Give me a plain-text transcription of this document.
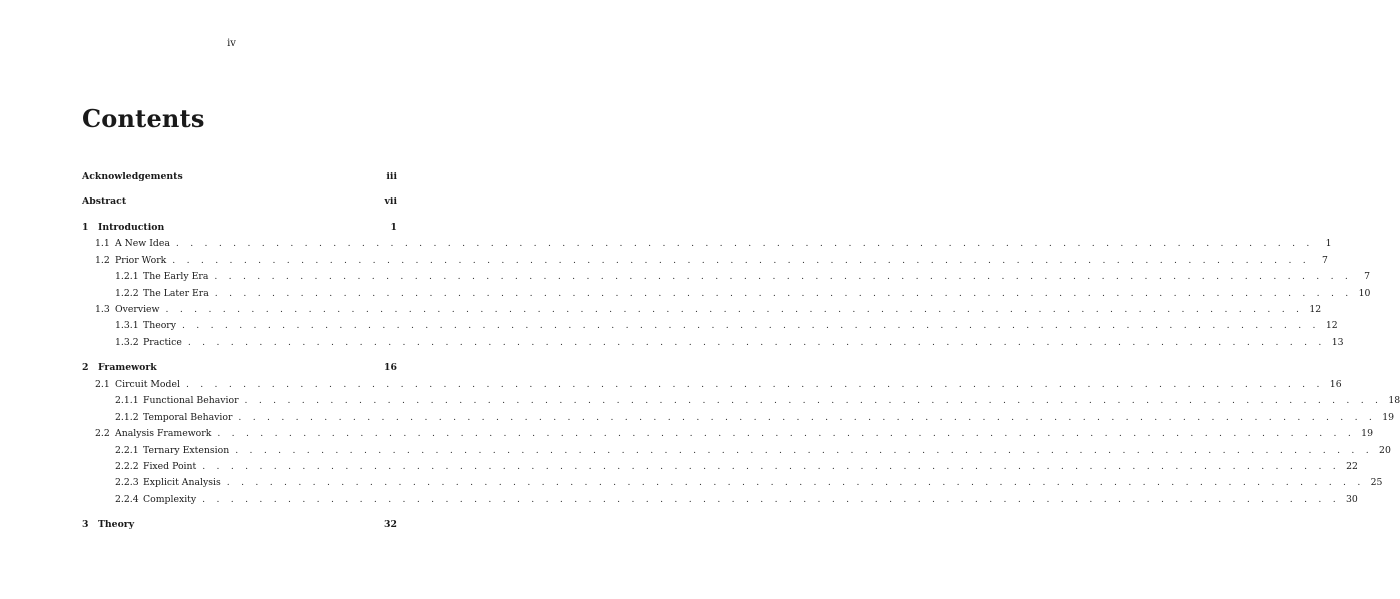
iv
Contents
Acknowledgements	iii
Abstract	vii
1	Introduction	1
1.1 A New Idea . . . . . . . . . . . . . . . . . . . . . . . . . . . . . . . . . . . . . . . . . . . . . . . . . . . . . . . . . . . . . . . . . . . . . . . . . . . . . . . .	1
1.2 Prior Work . . . . . . . . . . . . . . . . . . . . . . . . . . . . . . . . . . . . . . . . . . . . . . . . . . . . . . . . . . . . . . . . . . . . . . . . . . . . . . . .	7
1.2.1 The Early Era . . . . . . . . . . . . . . . . . . . . . . . . . . . . . . . . . . . . . . . . . . . . . . . . . . . . . . . . . . . . . . . . . . . . . . . . . . . . . . . .	7
1.2.2 The Later Era . . . . . . . . . . . . . . . . . . . . . . . . . . . . . . . . . . . . . . . . . . . . . . . . . . . . . . . . . . . . . . . . . . . . . . . . . . . . . . . . 10
1.3 Overview . . . . . . . . . . . . . . . . . . . . . . . . . . . . . . . . . . . . . . . . . . . . . . . . . . . . . . . . . . . . . . . . . . . . . . . . . . . . . . . . 12
1.3.1 Theory . . . . . . . . . . . . . . . . . . . . . . . . . . . . . . . . . . . . . . . . . . . . . . . . . . . . . . . . . . . . . . . . . . . . . . . . . . . . . . . . 12
1.3.2 Practice . . . . . . . . . . . . . . . . . . . . . . . . . . . . . . . . . . . . . . . . . . . . . . . . . . . . . . . . . . . . . . . . . . . . . . . . . . . . . . . . 13
2	Framework	16
2.1 Circuit Model . . . . . . . . . . . . . . . . . . . . . . . . . . . . . . . . . . . . . . . . . . . . . . . . . . . . . . . . . . . . . . . . . . . . . . . . . . . . . . . . 16
2.1.1 Functional Behavior . . . . . . . . . . . . . . . . . . . . . . . . . . . . . . . . . . . . . . . . . . . . . . . . . . . . . . . . . . . . . . . . . . . . . . . . . . . . . . . . 18
2.1.2 Temporal Behavior . . . . . . . . . . . . . . . . . . . . . . . . . . . . . . . . . . . . . . . . . . . . . . . . . . . . . . . . . . . . . . . . . . . . . . . . . . . . . . . . 19
2.2 Analysis Framework . . . . . . . . . . . . . . . . . . . . . . . . . . . . . . . . . . . . . . . . . . . . . . . . . . . . . . . . . . . . . . . . . . . . . . . . . . . . . . . . 19
2.2.1 Ternary Extension . . . . . . . . . . . . . . . . . . . . . . . . . . . . . . . . . . . . . . . . . . . . . . . . . . . . . . . . . . . . . . . . . . . . . . . . . . . . . . . . 20
2.2.2 Fixed Point . . . . . . . . . . . . . . . . . . . . . . . . . . . . . . . . . . . . . . . . . . . . . . . . . . . . . . . . . . . . . . . . . . . . . . . . . . . . . . . . 22
2.2.3 Explicit Analysis . . . . . . . . . . . . . . . . . . . . . . . . . . . . . . . . . . . . . . . . . . . . . . . . . . . . . . . . . . . . . . . . . . . . . . . . . . . . . . . . 25
2.2.4 Complexity . . . . . . . . . . . . . . . . . . . . . . . . . . . . . . . . . . . . . . . . . . . . . . . . . . . . . . . . . . . . . . . . . . . . . . . . . . . . . . . . 30
3	Theory	32
